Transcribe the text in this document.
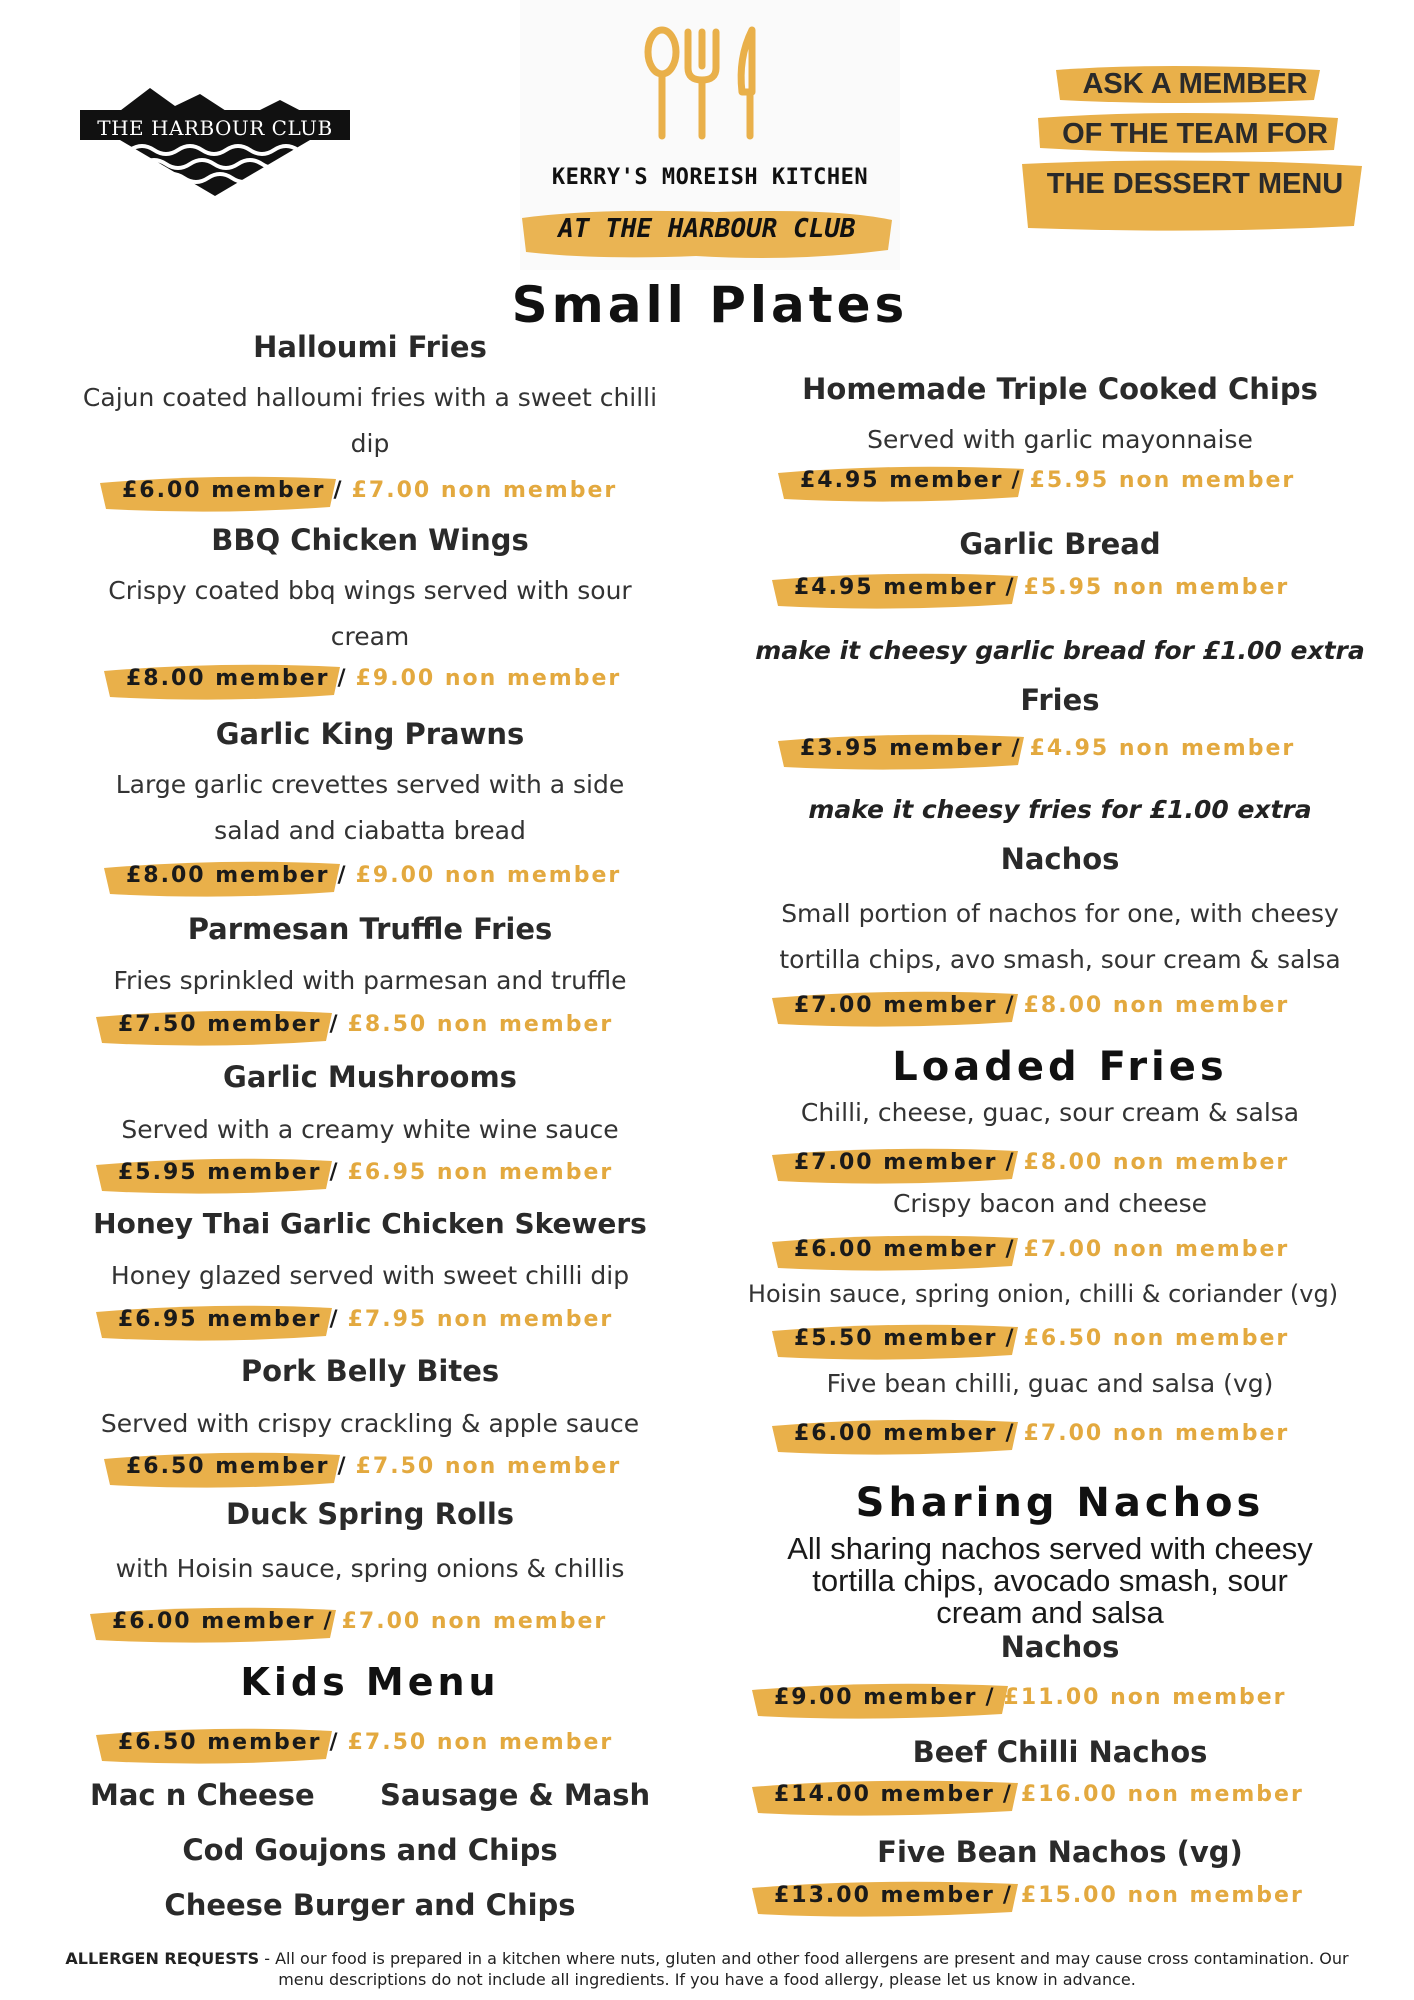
THE HARBOUR CLUB
KERRY'S MOREISH KITCHEN
AT THE HARBOUR CLUB
ASK A MEMBER
OF THE TEAM FOR
THE DESSERT MENU
Small Plates
Halloumi Fries
Cajun coated halloumi fries with a sweet chilli dip
£6.00 member / £7.00 non member
BBQ Chicken Wings
Crispy coated bbq wings served with sour cream
£8.00 member / £9.00 non member
Garlic King Prawns
Large garlic crevettes served with a side salad and ciabatta bread
£8.00 member / £9.00 non member
Parmesan Truffle Fries
Fries sprinkled with parmesan and truffle
£7.50 member / £8.50 non member
Garlic Mushrooms
Served with a creamy white wine sauce
£5.95 member / £6.95 non member
Honey Thai Garlic Chicken Skewers
Honey glazed served with sweet chilli dip
£6.95 member / £7.95 non member
Pork Belly Bites
Served with crispy crackling & apple sauce
£6.50 member / £7.50 non member
Duck Spring Rolls
with Hoisin sauce, spring onions & chillis
£6.00 member / £7.00 non member
Kids Menu
£6.50 member / £7.50 non member
Mac n Cheese Sausage & Mash
Cod Goujons and Chips
Cheese Burger and Chips
Homemade Triple Cooked Chips
Served with garlic mayonnaise
£4.95 member / £5.95 non member
Garlic Bread
£4.95 member / £5.95 non member
make it cheesy garlic bread for £1.00 extra
Fries
£3.95 member / £4.95 non member
make it cheesy fries for £1.00 extra
Nachos
Small portion of nachos for one, with cheesy tortilla chips, avo smash, sour cream & salsa
£7.00 member / £8.00 non member
Loaded Fries
Chilli, cheese, guac, sour cream & salsa
£7.00 member / £8.00 non member
Crispy bacon and cheese
£6.00 member / £7.00 non member
Hoisin sauce, spring onion, chilli & coriander (vg)
£5.50 member / £6.50 non member
Five bean chilli, guac and salsa (vg)
£6.00 member / £7.00 non member
Sharing Nachos
All sharing nachos served with cheesy tortilla chips, avocado smash, sour cream and salsa
Nachos
£9.00 member / £11.00 non member
Beef Chilli Nachos
£14.00 member / £16.00 non member
Five Bean Nachos (vg)
£13.00 member / £15.00 non member
ALLERGEN REQUESTS - All our food is prepared in a kitchen where nuts, gluten and other food allergens are present and may cause cross contamination. Our menu descriptions do not include all ingredients. If you have a food allergy, please let us know in advance.
